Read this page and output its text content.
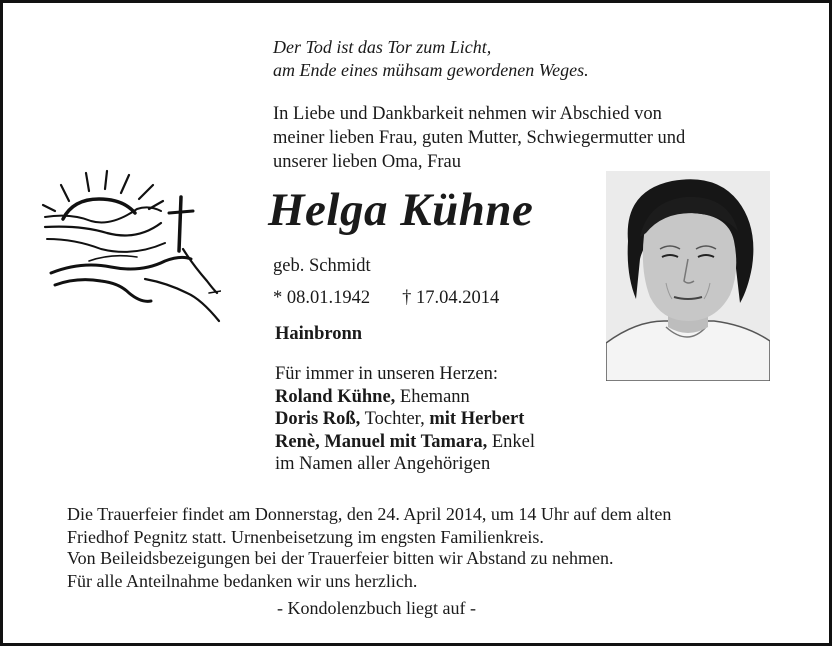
Der Tod ist das Tor zum Licht,
am Ende eines mühsam gewordenen Weges.
In Liebe und Dankbarkeit nehmen wir Abschied von
meiner lieben Frau, guten Mutter, Schwiegermutter und
unserer lieben Oma, Frau
Helga Kühne
geb. Schmidt
* 08.01.1942 † 17.04.2014
Hainbronn
Für immer in unseren Herzen:
Roland Kühne, Ehemann
Doris Roß, Tochter, mit Herbert
Renè, Manuel mit Tamara, Enkel
im Namen aller Angehörigen

Die Trauerfeier findet am Donnerstag, den 24. April 2014, um 14 Uhr auf dem alten

Friedhof Pegnitz statt. Urnenbeisetzung im engsten Familienkreis.

Von Beileidsbezeigungen bei der Trauerfeier bitten wir Abstand zu nehmen.

Für alle Anteilnahme bedanken wir uns herzlich.

- Kondolenzbuch liegt auf -
